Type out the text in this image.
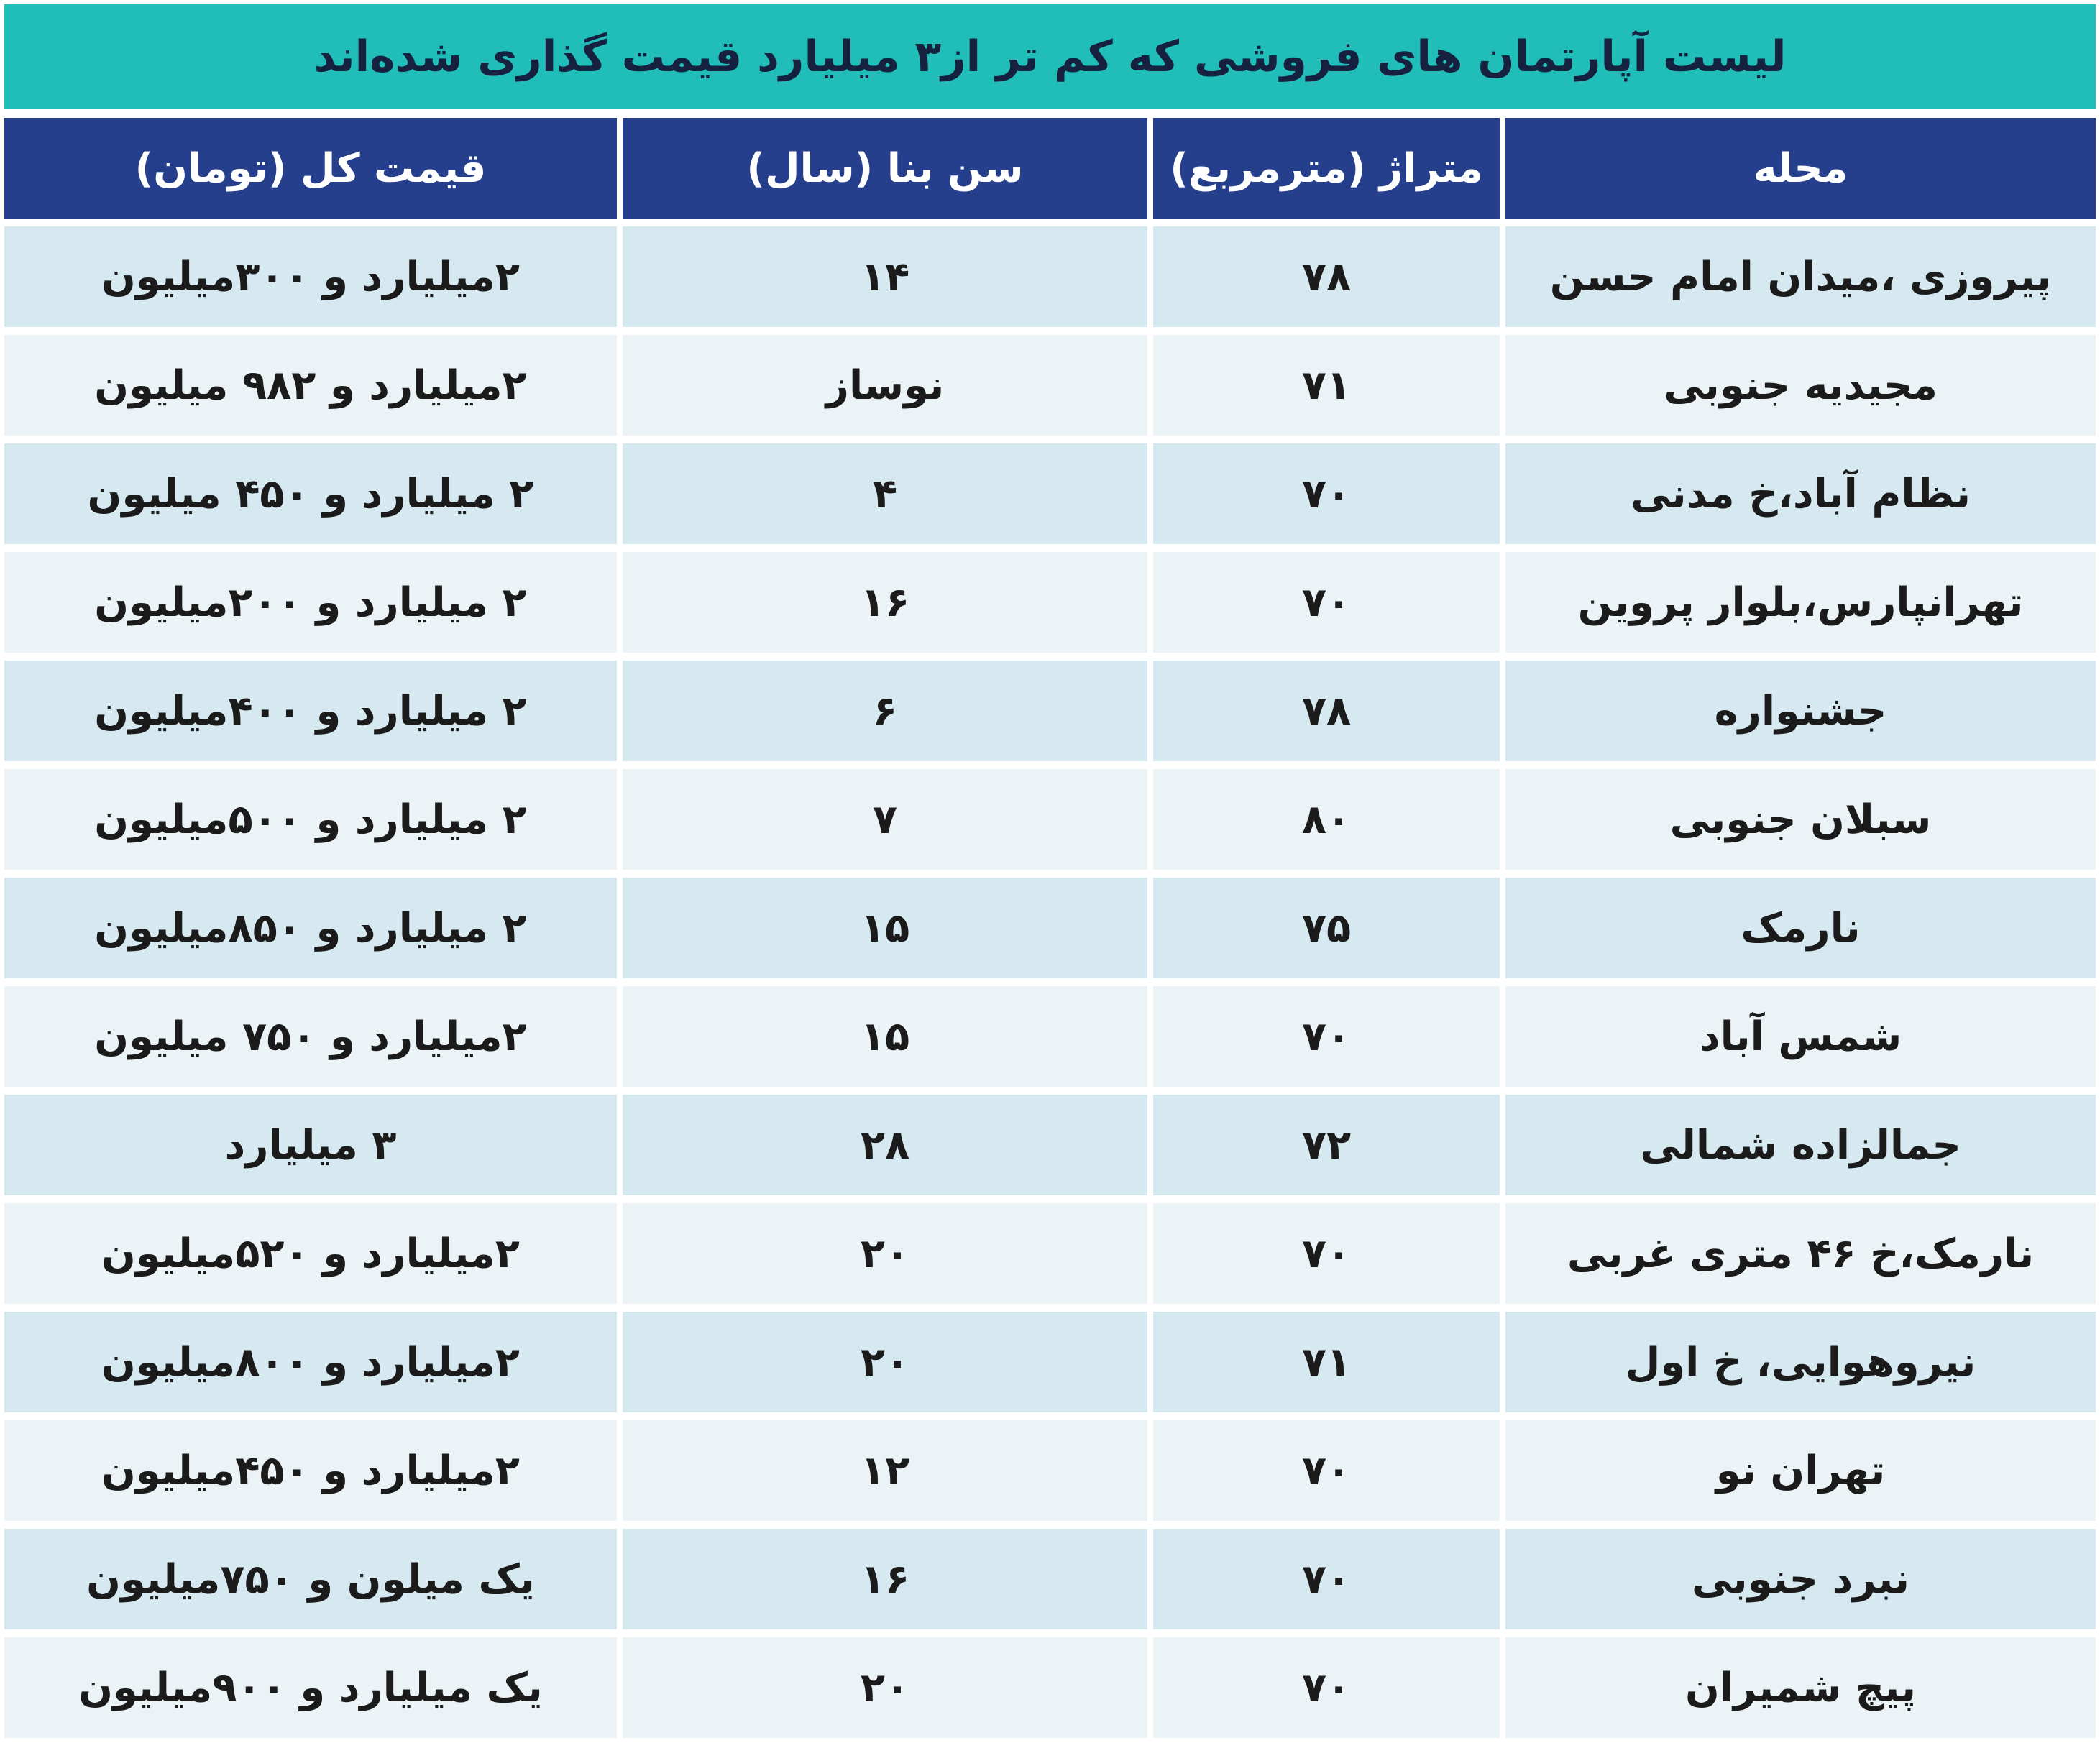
لیست آپارتمان های فروشی که کم تر از۳ میلیارد قیمت گذاری شده‌اند
قیمت کل (تومان)	سن بنا (سال)	متراژ (مترمربع)	محله
۲میلیارد و ۳۰۰میلیون	۱۴	۷۸	پیروزی ،میدان امام حسن
۲میلیارد و ۹۸۲ میلیون	نوساز	۷۱	مجیدیه جنوبی
۲ میلیارد و ۴۵۰ میلیون	۴	۷۰	نظام آباد،خ مدنی
۲ میلیارد و ۲۰۰میلیون	۱۶	۷۰	تهرانپارس،بلوار پروین
۲ میلیارد و ۴۰۰میلیون	۶	۷۸	جشنواره
۲ میلیارد و ۵۰۰میلیون	۷	۸۰	سبلان جنوبی
۲ میلیارد و ۸۵۰میلیون	۱۵	۷۵	نارمک
۲میلیارد و ۷۵۰ میلیون	۱۵	۷۰	شمس آباد
۳ میلیارد	۲۸	۷۲	جمالزاده شمالی
۲میلیارد و ۵۲۰میلیون	۲۰	۷۰	نارمک،خ ۴۶ متری غربی
۲میلیارد و ۸۰۰میلیون	۲۰	۷۱	نیروهوایی، خ اول
۲میلیارد و ۴۵۰میلیون	۱۲	۷۰	تهران نو
یک میلون و ۷۵۰میلیون	۱۶	۷۰	نبرد جنوبی
یک میلیارد و ۹۰۰میلیون	۲۰	۷۰	پیچ شمیران
